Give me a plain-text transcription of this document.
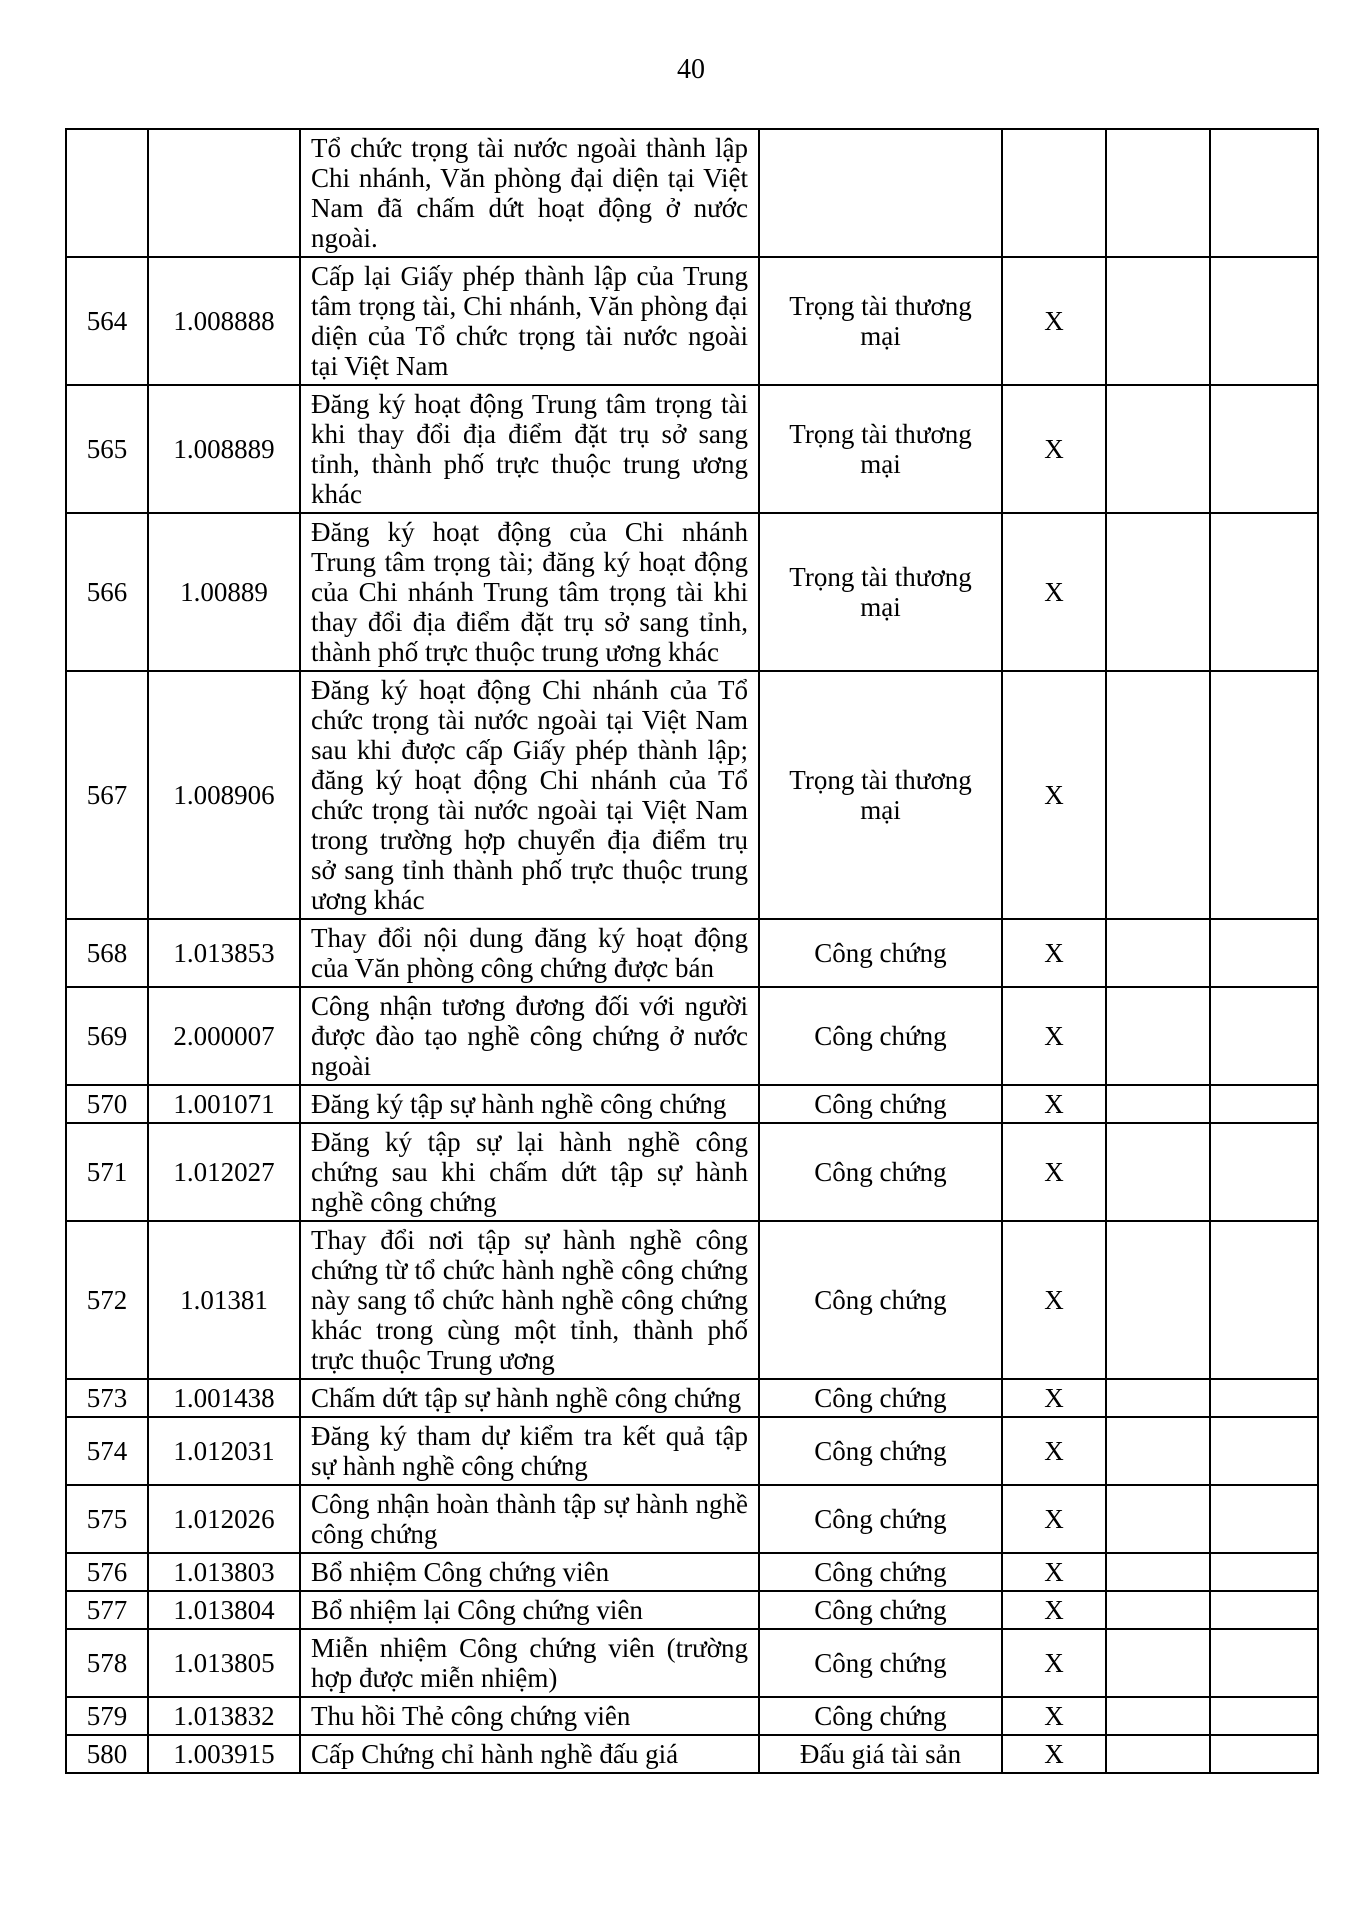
40
		Tổ chức trọng tài nước ngoài thành lập Chi nhánh, Văn phòng đại diện tại Việt Nam đã chấm dứt hoạt động ở nước ngoài.				
564	1.008888	Cấp lại Giấy phép thành lập của Trung tâm trọng tài, Chi nhánh, Văn phòng đại diện của Tổ chức trọng tài nước ngoài tại Việt Nam	Trọng tài thương mại	X		
565	1.008889	Đăng ký hoạt động Trung tâm trọng tài khi thay đổi địa điểm đặt trụ sở sang tỉnh, thành phố trực thuộc trung ương khác	Trọng tài thương mại	X		
566	1.00889	Đăng ký hoạt động của Chi nhánh Trung tâm trọng tài; đăng ký hoạt động của Chi nhánh Trung tâm trọng tài khi thay đổi địa điểm đặt trụ sở sang tỉnh, thành phố trực thuộc trung ương khác	Trọng tài thương mại	X		
567	1.008906	Đăng ký hoạt động Chi nhánh của Tổ chức trọng tài nước ngoài tại Việt Nam sau khi được cấp Giấy phép thành lập; đăng ký hoạt động Chi nhánh của Tổ chức trọng tài nước ngoài tại Việt Nam trong trường hợp chuyển địa điểm trụ sở sang tỉnh thành phố trực thuộc trung ương khác	Trọng tài thương mại	X		
568	1.013853	Thay đổi nội dung đăng ký hoạt động của Văn phòng công chứng được bán	Công chứng	X		
569	2.000007	Công nhận tương đương đối với người được đào tạo nghề công chứng ở nước ngoài	Công chứng	X		
570	1.001071	Đăng ký tập sự hành nghề công chứng	Công chứng	X		
571	1.012027	Đăng ký tập sự lại hành nghề công chứng sau khi chấm dứt tập sự hành nghề công chứng	Công chứng	X		
572	1.01381	Thay đổi nơi tập sự hành nghề công chứng từ tổ chức hành nghề công chứng này sang tổ chức hành nghề công chứng khác trong cùng một tỉnh, thành phố trực thuộc Trung ương	Công chứng	X		
573	1.001438	Chấm dứt tập sự hành nghề công chứng	Công chứng	X		
574	1.012031	Đăng ký tham dự kiểm tra kết quả tập sự hành nghề công chứng	Công chứng	X		
575	1.012026	Công nhận hoàn thành tập sự hành nghề công chứng	Công chứng	X		
576	1.013803	Bổ nhiệm Công chứng viên	Công chứng	X		
577	1.013804	Bổ nhiệm lại Công chứng viên	Công chứng	X		
578	1.013805	Miễn nhiệm Công chứng viên (trường hợp được miễn nhiệm)	Công chứng	X		
579	1.013832	Thu hồi Thẻ công chứng viên	Công chứng	X		
580	1.003915	Cấp Chứng chỉ hành nghề đấu giá	Đấu giá tài sản	X		
